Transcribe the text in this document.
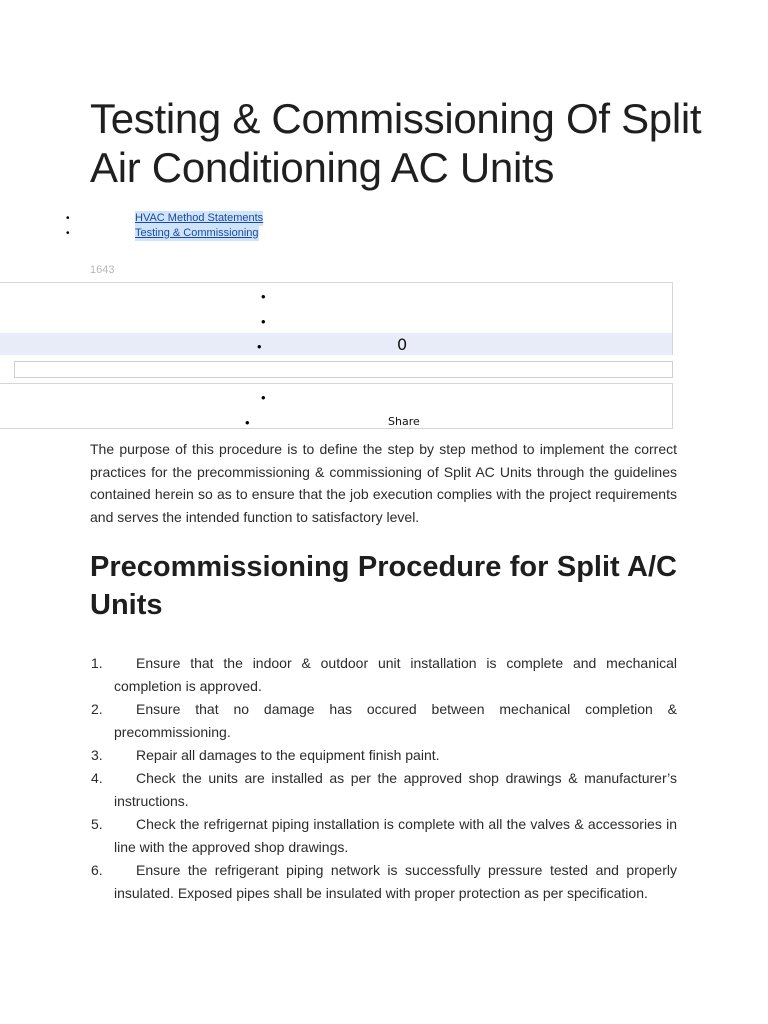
Testing & Commissioning Of Split Air Conditioning AC Units
•	HVAC Method Statements
•	Testing & Commissioning
1643
•
•
•	0
•
•	Share

The purpose of this procedure is to define the step by step method to implement the correct practices for the precommissioning & commissioning of Split AC Units through the guidelines contained herein so as to ensure that the job execution complies with the project requirements and serves the intended function to satisfactory level.

Precommissioning Procedure for Split A/C Units
1.	Ensure that the indoor & outdoor unit installation is complete and mechanical completion is approved.
2.	Ensure that no damage has occured between mechanical completion & precommissioning.
3.	Repair all damages to the equipment finish paint.
4.	Check the units are installed as per the approved shop drawings & manufacturer’s instructions.
5.	Check the refrigernat piping installation is complete with all the valves & accessories in line with the approved shop drawings.
6.	Ensure the refrigerant piping network is successfully pressure tested and properly insulated. Exposed pipes shall be insulated with proper protection as per specification.
